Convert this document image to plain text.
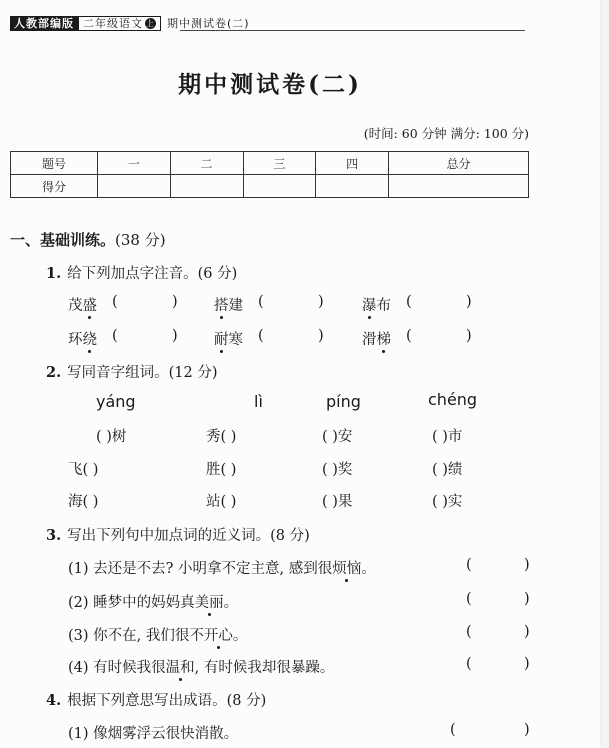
人教部编版 二年级语文 上	期中测试卷(二)
期中测试卷(二)
(时间: 60 分钟 满分: 100 分)
题号	一	二	三	四	总分
得分					
一、基础训练。(38 分)
1. 给下列加点字注音。(6 分)
茂盛 (	)	搭建 (	)	瀑布 (	)
环绕 (	)	耐寒 (	)	滑梯 (	)
2. 写同音字组词。(12 分)
yáng	lì	píng	chéng
( )树	秀( )	( )安	( )市
飞( )	胜( )	( )奖	( )绩
海( )	站( )	( )果	( )实
3. 写出下列句中加点词的近义词。(8 分)
(1) 去还是不去? 小明拿不定主意, 感到很烦恼。	(	)
(2) 睡梦中的妈妈真美丽。	(	)
(3) 你不在, 我们很不开心。	(	)
(4) 有时候我很温和, 有时候我却很暴躁。	(	)
4. 根据下列意思写出成语。(8 分)
(1) 像烟雾浮云很快消散。	(	)
